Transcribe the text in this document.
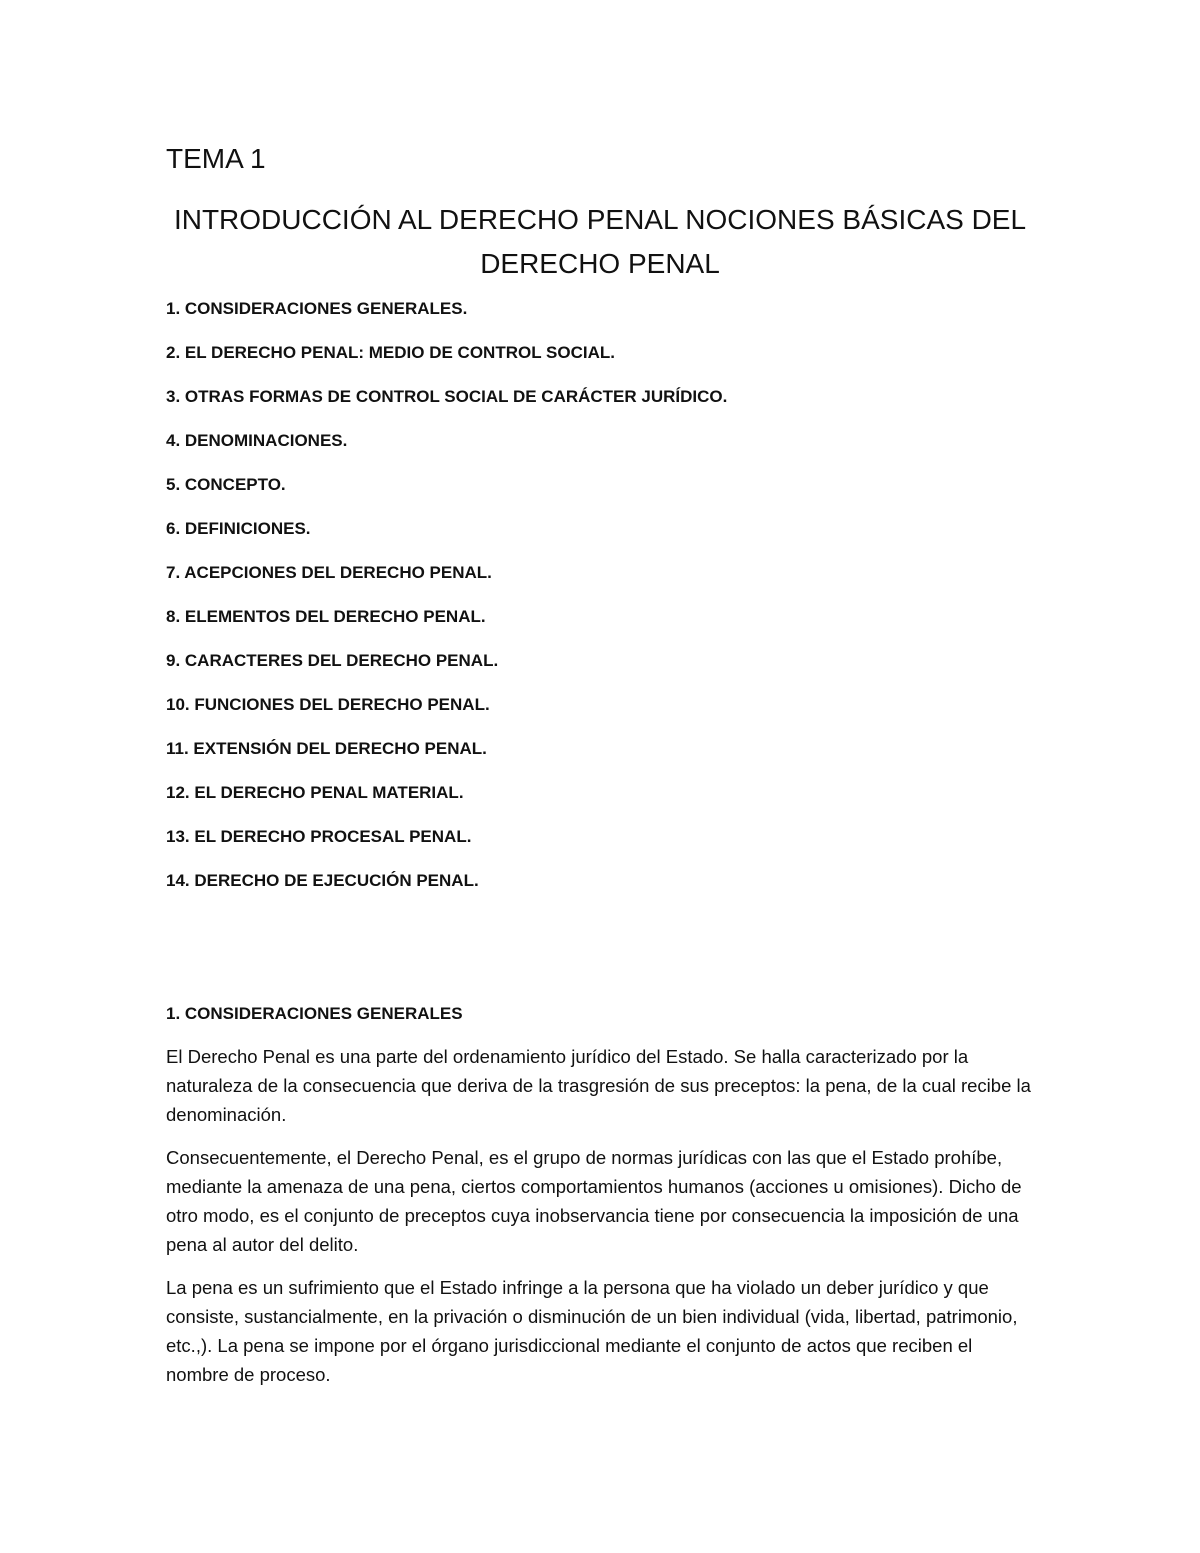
TEMA 1
INTRODUCCIÓN AL DERECHO PENAL NOCIONES BÁSICAS DEL
DERECHO PENAL
1. CONSIDERACIONES GENERALES.
2. EL DERECHO PENAL: MEDIO DE CONTROL SOCIAL.
3. OTRAS FORMAS DE CONTROL SOCIAL DE CARÁCTER JURÍDICO.
4. DENOMINACIONES.
5. CONCEPTO.
6. DEFINICIONES.
7. ACEPCIONES DEL DERECHO PENAL.
8. ELEMENTOS DEL DERECHO PENAL.
9. CARACTERES DEL DERECHO PENAL.
10. FUNCIONES DEL DERECHO PENAL.
11. EXTENSIÓN DEL DERECHO PENAL.
12. EL DERECHO PENAL MATERIAL.
13. EL DERECHO PROCESAL PENAL.
14. DERECHO DE EJECUCIÓN PENAL.
1. CONSIDERACIONES GENERALES

El Derecho Penal es una parte del ordenamiento jurídico del Estado. Se halla caracterizado por la naturaleza de la consecuencia que deriva de la trasgresión de sus preceptos: la pena, de la cual recibe la denominación.

Consecuentemente, el Derecho Penal, es el grupo de normas jurídicas con las que el Estado prohíbe, mediante la amenaza de una pena, ciertos comportamientos humanos (acciones u omisiones). Dicho de otro modo, es el conjunto de preceptos cuya inobservancia tiene por consecuencia la imposición de una pena al autor del delito.

La pena es un sufrimiento que el Estado infringe a la persona que ha violado un deber jurídico y que consiste, sustancialmente, en la privación o disminución de un bien individual (vida, libertad, patrimonio, etc.,). La pena se impone por el órgano jurisdiccional mediante el conjunto de actos que reciben el nombre de proceso.
